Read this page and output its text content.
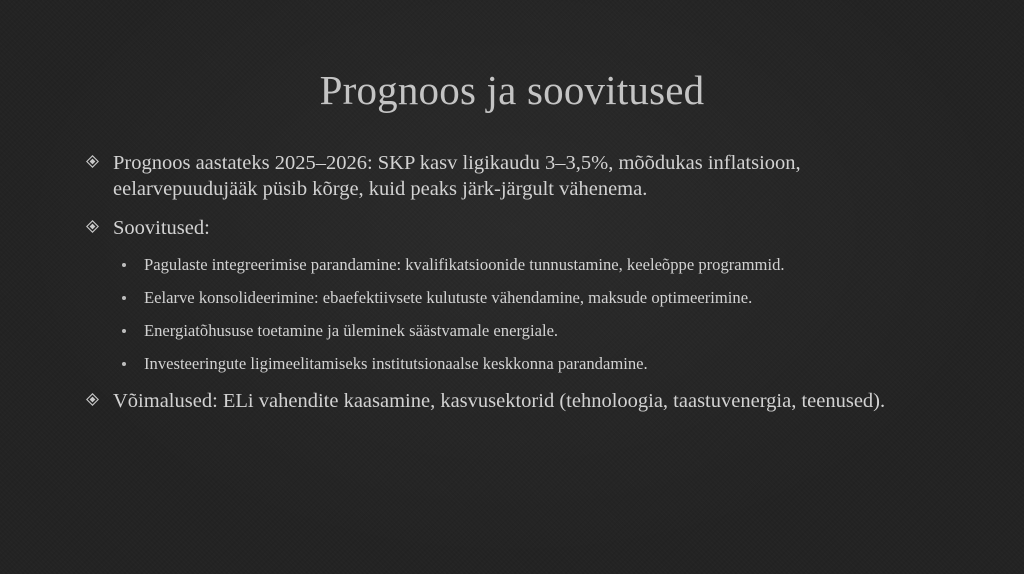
Prognoos ja soovitused
Prognoos aastateks 2025–2026: SKP kasv ligikaudu 3–3,5%, mõõdukas inflatsioon, eelarvepuudujääk püsib kõrge, kuid peaks järk-järgult vähenema.
Soovitused:
Pagulaste integreerimise parandamine: kvalifikatsioonide tunnustamine, keeleõppe programmid.
Eelarve konsolideerimine: ebaefektiivsete kulutuste vähendamine, maksude optimeerimine.
Energiatõhususe toetamine ja üleminek säästvamale energiale.
Investeeringute ligimeelitamiseks institutsionaalse keskkonna parandamine.
Võimalused: ELi vahendite kaasamine, kasvusektorid (tehnoloogia, taastuvenergia, teenused).
